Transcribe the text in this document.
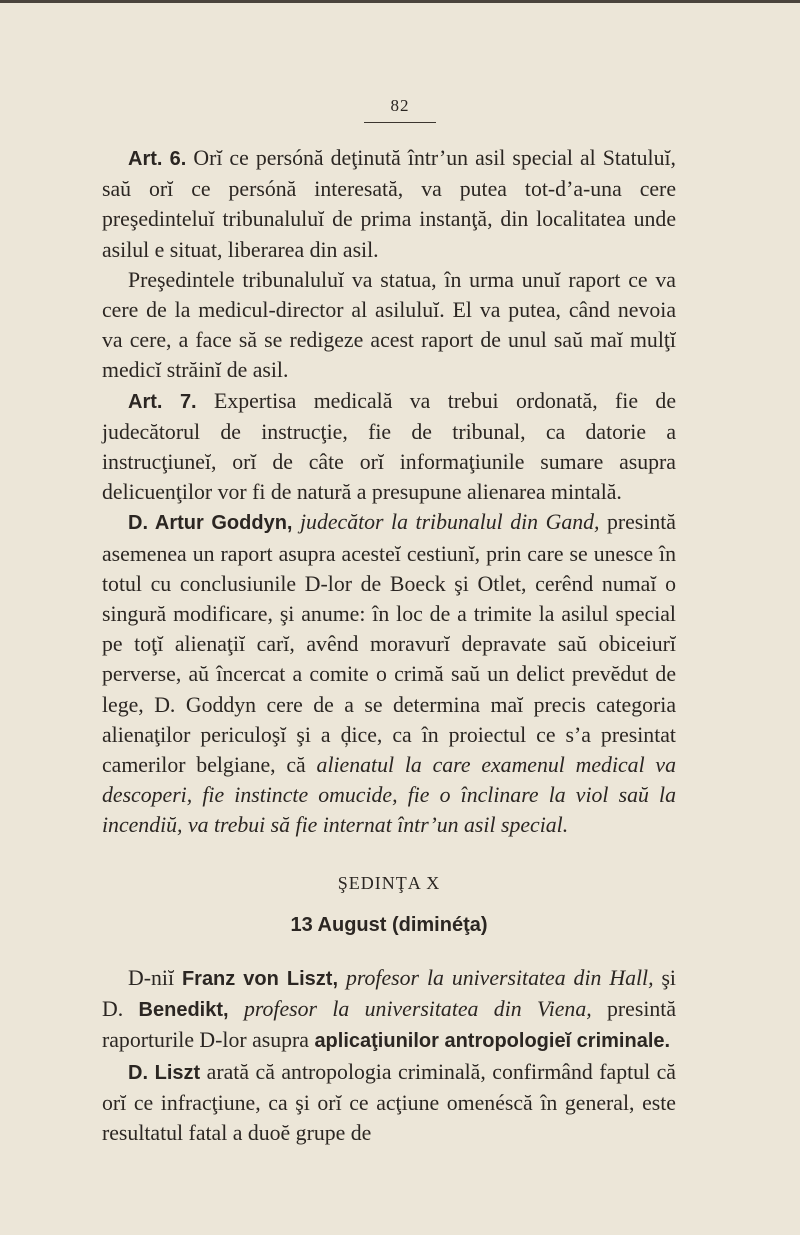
82

Art. 6. Orĭ ce persónă deţinută într’un asil special al Statuluĭ, saŭ orĭ ce persónă interesată, va putea tot-d’a-una cere preşedinteluĭ tribunaluluĭ de prima instanţă, din localitatea unde asilul e situat, liberarea din asil.

Preşedintele tribunaluluĭ va statua, în urma unuĭ raport ce va cere de la medicul-director al asiluluĭ. El va putea, când nevoia va cere, a face să se redigeze acest raport de unul saŭ maĭ mulţĭ medicĭ străinĭ de asil.

Art. 7. Expertisa medicală va trebui ordonată, fie de judecătorul de instrucţie, fie de tribunal, ca datorie a instrucţiuneĭ, orĭ de câte orĭ informaţiunile sumare asupra delicuenţilor vor fi de natură a presupune alienarea mintală.

D. Artur Goddyn, judecător la tribunalul din Gand, presintă asemenea un raport asupra acesteĭ cestiunĭ, prin care se unesce în totul cu conclusiunile D-lor de Boeck şi Otlet, cerênd numaĭ o singură modificare, şi anume: în loc de a trimite la asilul special pe toţĭ alienaţiĭ carĭ, avênd moravurĭ depravate saŭ obiceiurĭ perverse, aŭ încercat a comite o crimă saŭ un delict prevĕdut de lege, D. Goddyn cere de a se determina maĭ precis categoria alienaţilor periculoşĭ şi a ḑice, ca în proiectul ce s’a presintat camerilor belgiane, că alienatul la care examenul medical va descoperi, fie instincte omucide, fie o înclinare la viol saŭ la incendiŭ, va trebui să fie internat într’un asil special.

ŞEDINŢA X
13 August (diminéţa)

D-niĭ Franz von Liszt, profesor la universitatea din Hall, şi D. Benedikt, profesor la universitatea din Viena, presintă raporturile D-lor asupra aplicaţiunilor antropologieĭ criminale.

D. Liszt arată că antropologia criminală, confirmând faptul că orĭ ce infracţiune, ca şi orĭ ce acţiune omenéscă în general, este resultatul fatal a duoĕ grupe de
